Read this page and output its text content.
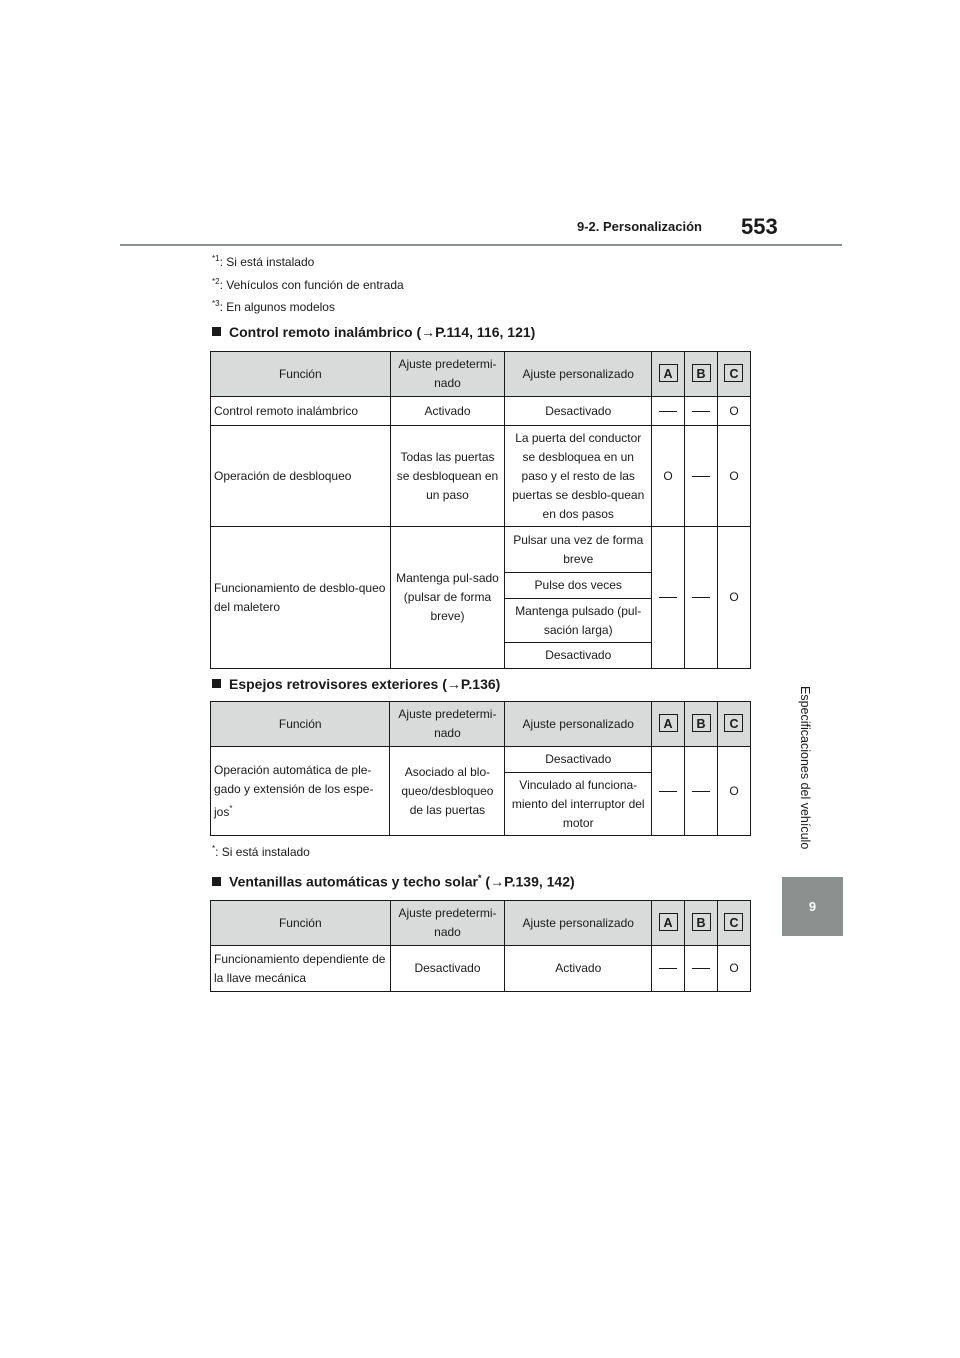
9-2. Personalización 553
Especificaciones del vehículo
9
$^{*1}$: Si está instalado
$^{*2}$: Vehículos con función de entrada
$^{*3}$: En algunos modelos
Control remoto inalámbrico (→P.114, 116, 121)
Función	Ajuste predetermi-nado	Ajuste personalizado	A	B	C
Control remoto inalámbrico	Activado	Desactivado			O
Operación de desbloqueo	Todas las puertas se desbloquean en un paso	La puerta del conductor se desbloquea en un paso y el resto de las puertas se desblo-quean en dos pasos	O		O
Funcionamiento de desblo-queo del maletero	Mantenga pul-sado (pulsar de forma breve)	Pulsar una vez de forma breve			O
		Pulse dos veces			
		Mantenga pulsado (pul-sación larga)			
		Desactivado			
Espejos retrovisores exteriores (→P.136)
Función	Ajuste predetermi-nado	Ajuste personalizado	A	B	C
Operación automática de ple-gado y extensión de los espe-jos*	Asociado al blo-queo/desbloqueo de las puertas	Desactivado			O
		Vinculado al funciona-miento del interruptor del motor			
*: Si está instalado
Ventanillas automáticas y techo solar* (→P.139, 142)
Función	Ajuste predetermi-nado	Ajuste personalizado	A	B	C
Funcionamiento dependiente de la llave mecánica	Desactivado	Activado			O
